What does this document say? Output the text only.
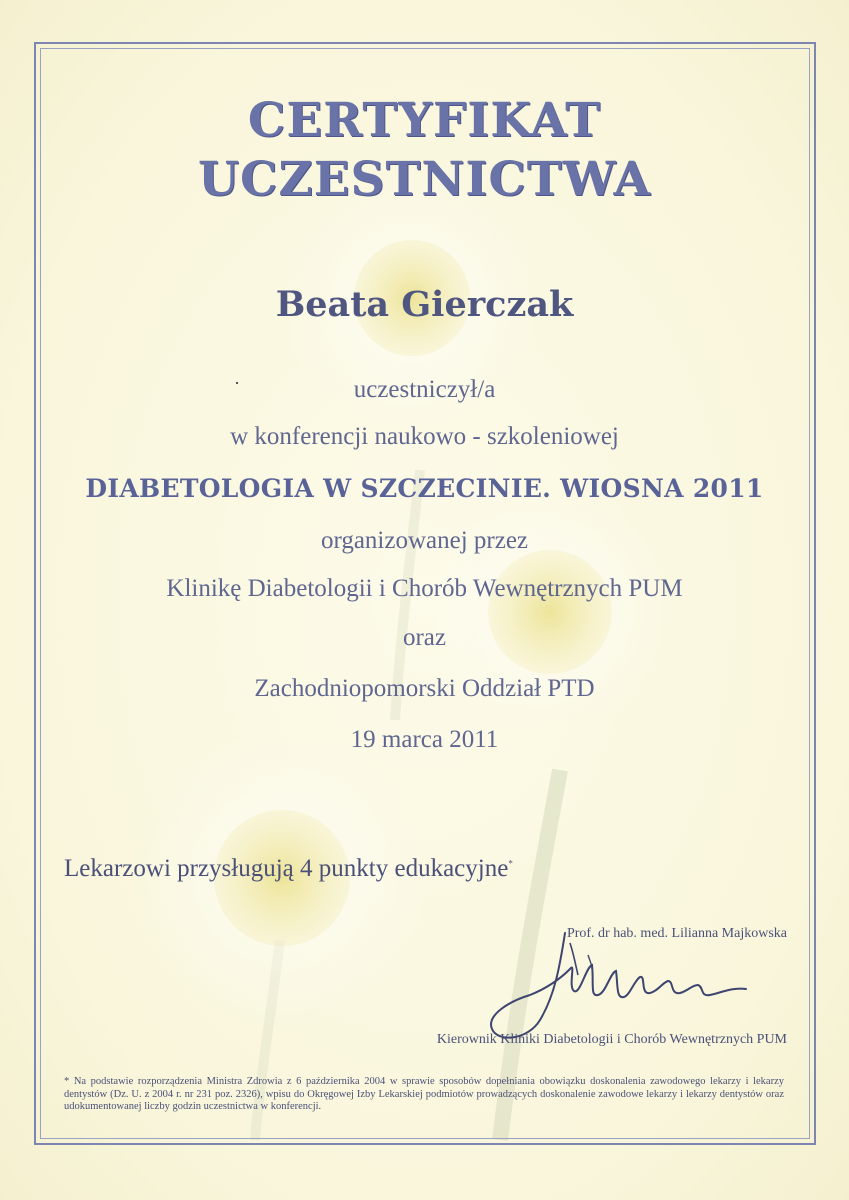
CERTYFIKAT
UCZESTNICTWA
Beata Gierczak
uczestniczył/a
w konferencji naukowo - szkoleniowej
DIABETOLOGIA W SZCZECINIE. WIOSNA 2011
organizowanej przez
Klinikę Diabetologii i Chorób Wewnętrznych PUM
oraz
Zachodniopomorski Oddział PTD
19 marca 2011
Lekarzowi przysługują 4 punkty edukacyjne*
Prof. dr hab. med. Lilianna Majkowska
Kierownik Kliniki Diabetologii i Chorób Wewnętrznych PUM
* Na podstawie rozporządzenia Ministra Zdrowia z 6 października 2004 w sprawie sposobów dopełniania obowiązku doskonalenia zawodowego lekarzy i lekarzy dentystów (Dz. U. z 2004 r. nr 231 poz. 2326), wpisu do Okręgowej Izby Lekarskiej podmiotów prowadzących doskonalenie zawodowe lekarzy i lekarzy dentystów oraz udokumentowanej liczby godzin uczestnictwa w konferencji.
